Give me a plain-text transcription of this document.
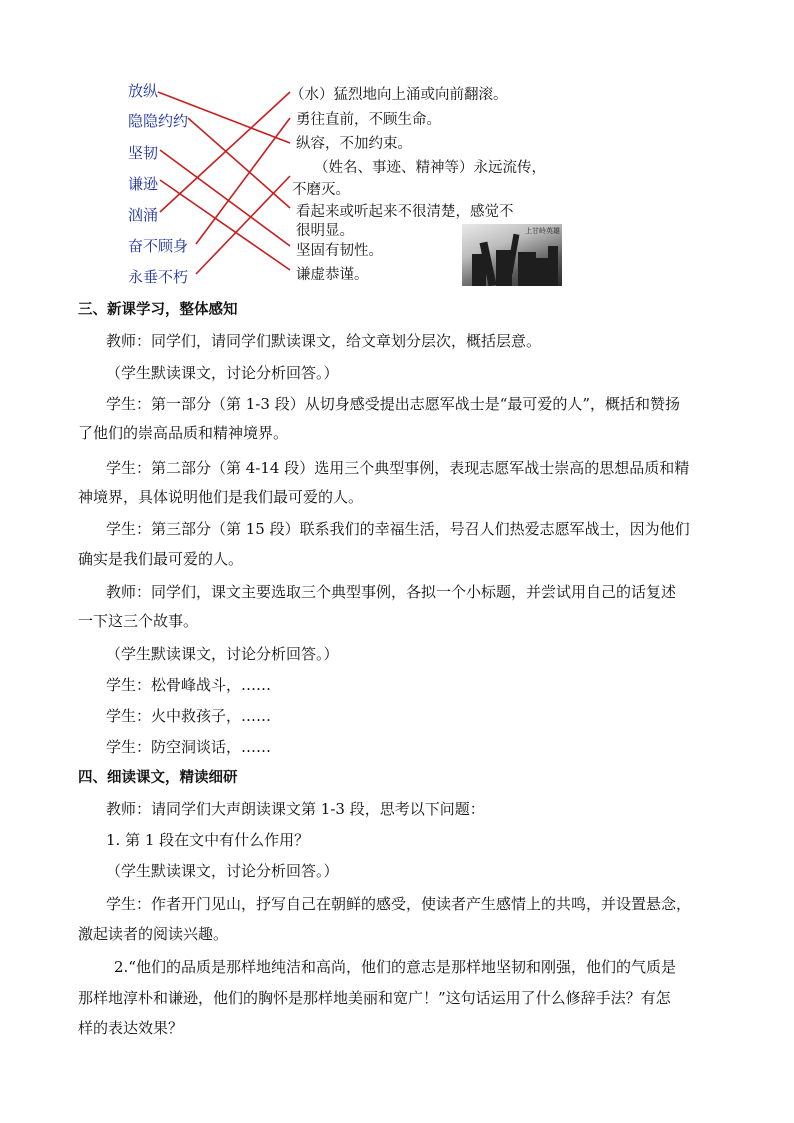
放纵
隐隐约约
坚韧
谦逊
汹涌
奋不顾身
永垂不朽
（水）猛烈地向上涌或向前翻滚。
勇往直前，不顾生命。
纵容，不加约束。
（姓名、事迹、精神等）永远流传，
不磨灭。
看起来或听起来不很清楚，感觉不
很明显。
坚固有韧性。
谦虚恭谨。
上甘岭英雄
三、新课学习，整体感知
教师：同学们，请同学们默读课文，给文章划分层次，概括层意。
（学生默读课文，讨论分析回答。）
学生：第一部分（第 1-3 段）从切身感受提出志愿军战士是“最可爱的人”，概括和赞扬
了他们的崇高品质和精神境界。
学生：第二部分（第 4-14 段）选用三个典型事例，表现志愿军战士崇高的思想品质和精
神境界，具体说明他们是我们最可爱的人。
学生：第三部分（第 15 段）联系我们的幸福生活，号召人们热爱志愿军战士，因为他们
确实是我们最可爱的人。
教师：同学们，课文主要选取三个典型事例，各拟一个小标题，并尝试用自己的话复述
一下这三个故事。
（学生默读课文，讨论分析回答。）
学生：松骨峰战斗，……
学生：火中救孩子，……
学生：防空洞谈话，……
四、细读课文，精读细研
教师：请同学们大声朗读课文第 1-3 段，思考以下问题：
1. 第 1 段在文中有什么作用？
（学生默读课文，讨论分析回答。）
学生：作者开门见山，抒写自己在朝鲜的感受，使读者产生感情上的共鸣，并设置悬念，
激起读者的阅读兴趣。
2.“他们的品质是那样地纯洁和高尚，他们的意志是那样地坚韧和刚强，他们的气质是
那样地淳朴和谦逊，他们的胸怀是那样地美丽和宽广！”这句话运用了什么修辞手法？有怎
样的表达效果？
